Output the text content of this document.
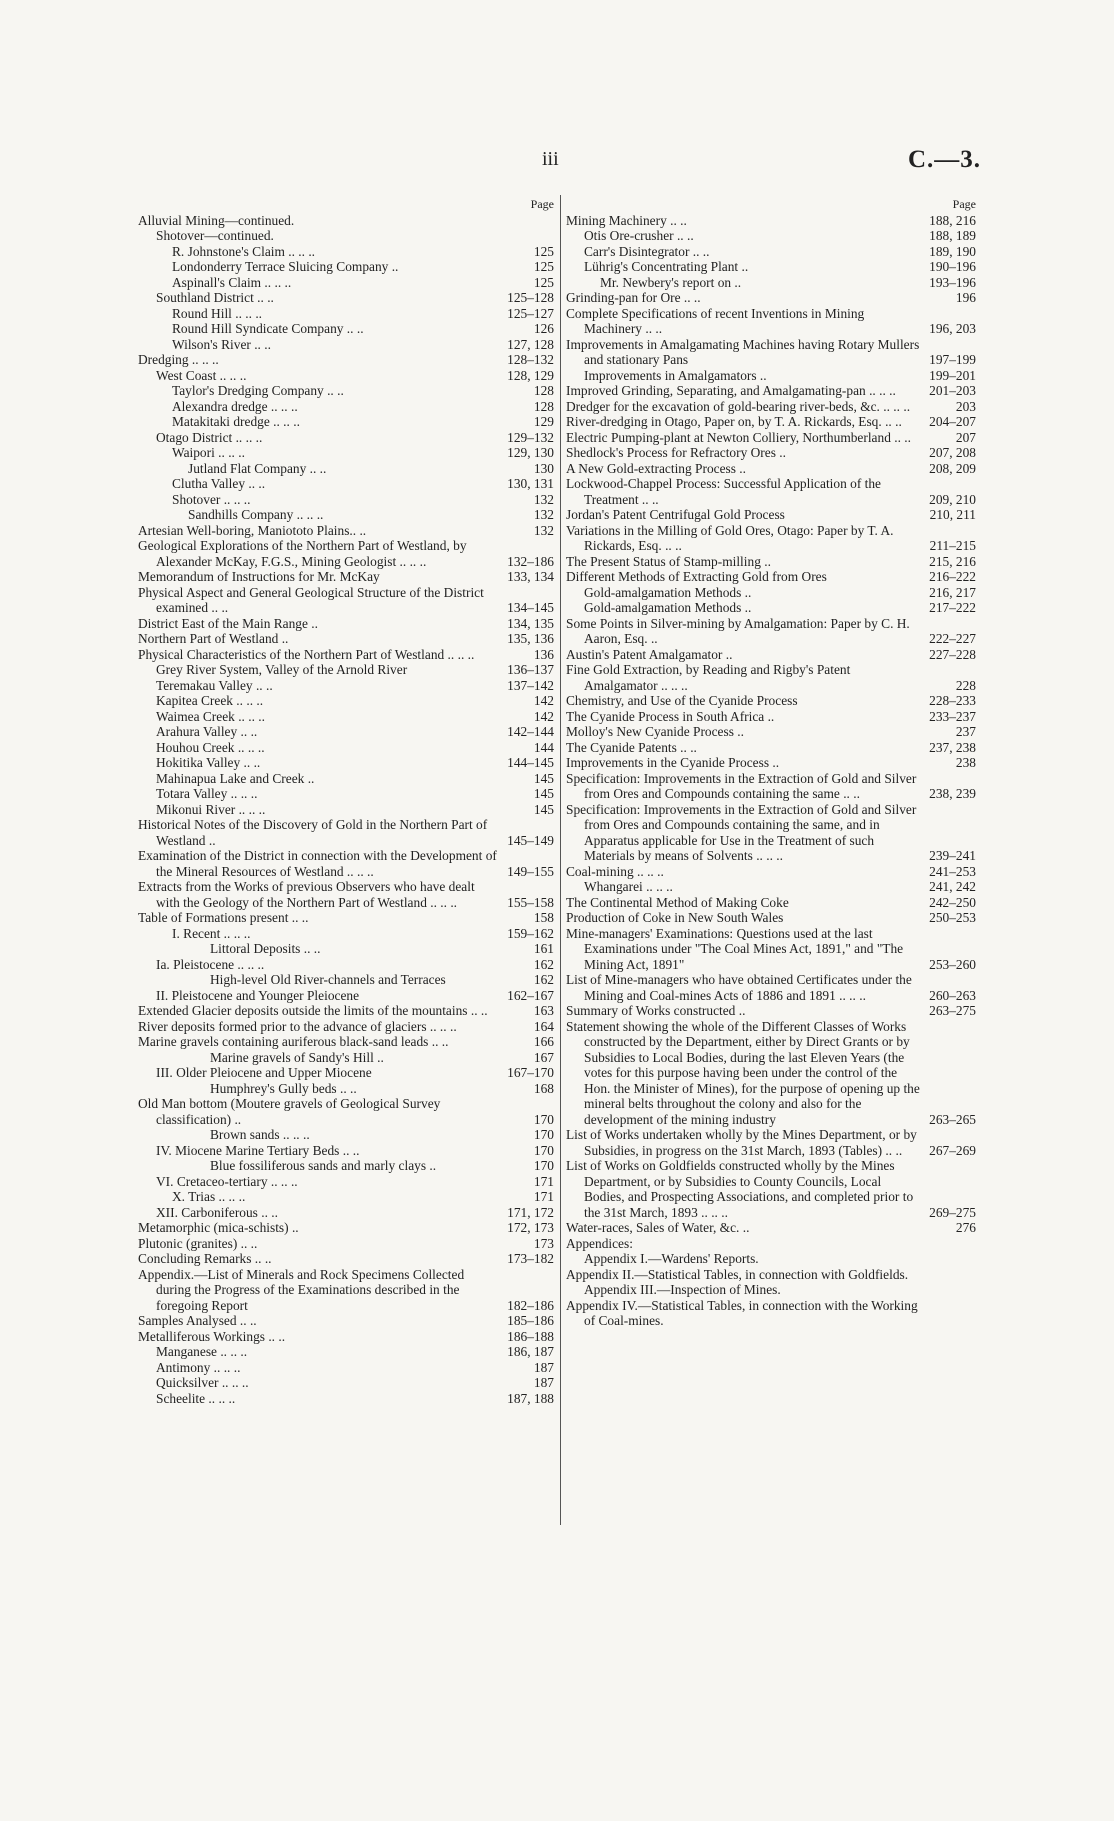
iii	C.—3.
Page
Alluvial Mining—continued.
Shotover—continued.
R. Johnstone's Claim .. .. ..	125
Londonderry Terrace Sluicing Company ..	125
Aspinall's Claim .. .. ..	125
Southland District .. ..	125–128
Round Hill .. .. ..	125–127
Round Hill Syndicate Company .. ..	126
Wilson's River .. ..	127, 128
Dredging .. .. ..	128–132
West Coast .. .. ..	128, 129
Taylor's Dredging Company .. ..	128
Alexandra dredge .. .. ..	128
Matakitaki dredge .. .. ..	129
Otago District .. .. ..	129–132
Waipori .. .. ..	129, 130
Jutland Flat Company .. ..	130
Clutha Valley .. ..	130, 131
Shotover .. .. ..	132
Sandhills Company .. .. ..	132
Artesian Well-boring, Maniototo Plains.. ..	132
Geological Explorations of the Northern Part of Westland, by Alexander McKay, F.G.S., Mining Geologist .. .. ..	132–186
Memorandum of Instructions for Mr. McKay	133, 134
Physical Aspect and General Geological Structure of the District examined .. ..	134–145
District East of the Main Range ..	134, 135
Northern Part of Westland ..	135, 136
Physical Characteristics of the Northern Part of Westland .. .. ..	136
Grey River System, Valley of the Arnold River	136–137
Teremakau Valley .. ..	137–142
Kapitea Creek .. .. ..	142
Waimea Creek .. .. ..	142
Arahura Valley .. ..	142–144
Houhou Creek .. .. ..	144
Hokitika Valley .. ..	144–145
Mahinapua Lake and Creek ..	145
Totara Valley .. .. ..	145
Mikonui River .. .. ..	145
Historical Notes of the Discovery of Gold in the Northern Part of Westland ..	145–149
Examination of the District in connection with the Development of the Mineral Resources of Westland .. .. ..	149–155
Extracts from the Works of previous Observers who have dealt with the Geology of the Northern Part of Westland .. .. ..	155–158
Table of Formations present .. ..	158
I. Recent .. .. ..	159–162
Littoral Deposits .. ..	161
Ia. Pleistocene .. .. ..	162
High-level Old River-channels and Terraces	162
II. Pleistocene and Younger Pleiocene	162–167
Extended Glacier deposits outside the limits of the mountains .. ..	163
River deposits formed prior to the advance of glaciers .. .. ..	164
Marine gravels containing auriferous black-sand leads .. ..	166
Marine gravels of Sandy's Hill ..	167
III. Older Pleiocene and Upper Miocene	167–170
Humphrey's Gully beds .. ..	168
Old Man bottom (Moutere gravels of Geological Survey classification) ..	170
Brown sands .. .. ..	170
IV. Miocene Marine Tertiary Beds .. ..	170
Blue fossiliferous sands and marly clays ..	170
VI. Cretaceo-tertiary .. .. ..	171
X. Trias .. .. ..	171
XII. Carboniferous .. ..	171, 172
Metamorphic (mica-schists) ..	172, 173
Plutonic (granites) .. ..	173
Concluding Remarks .. ..	173–182
Appendix.—List of Minerals and Rock Specimens Collected during the Progress of the Examinations described in the foregoing Report	182–186
Samples Analysed .. ..	185–186
Metalliferous Workings .. ..	186–188
Manganese .. .. ..	186, 187
Antimony .. .. ..	187
Quicksilver .. .. ..	187
Scheelite .. .. ..	187, 188
Page
Mining Machinery .. ..	188, 216
Otis Ore-crusher .. ..	188, 189
Carr's Disintegrator .. ..	189, 190
Lührig's Concentrating Plant ..	190–196
Mr. Newbery's report on ..	193–196
Grinding-pan for Ore .. ..	196
Complete Specifications of recent Inventions in Mining Machinery .. ..	196, 203
Improvements in Amalgamating Machines having Rotary Mullers and stationary Pans	197–199
Improvements in Amalgamators ..	199–201
Improved Grinding, Separating, and Amalgamating-pan .. .. ..	201–203
Dredger for the excavation of gold-bearing river-beds, &c. .. .. ..	203
River-dredging in Otago, Paper on, by T. A. Rickards, Esq. .. ..	204–207
Electric Pumping-plant at Newton Colliery, Northumberland .. ..	207
Shedlock's Process for Refractory Ores ..	207, 208
A New Gold-extracting Process ..	208, 209
Lockwood-Chappel Process: Successful Application of the Treatment .. ..	209, 210
Jordan's Patent Centrifugal Gold Process	210, 211
Variations in the Milling of Gold Ores, Otago: Paper by T. A. Rickards, Esq. .. ..	211–215
The Present Status of Stamp-milling ..	215, 216
Different Methods of Extracting Gold from Ores	216–222
Gold-amalgamation Methods ..	216, 217
Gold-amalgamation Methods ..	217–222
Some Points in Silver-mining by Amalgamation: Paper by C. H. Aaron, Esq. ..	222–227
Austin's Patent Amalgamator ..	227–228
Fine Gold Extraction, by Reading and Rigby's Patent Amalgamator .. .. ..	228
Chemistry, and Use of the Cyanide Process	228–233
The Cyanide Process in South Africa ..	233–237
Molloy's New Cyanide Process ..	237
The Cyanide Patents .. ..	237, 238
Improvements in the Cyanide Process ..	238
Specification: Improvements in the Extraction of Gold and Silver from Ores and Compounds containing the same .. ..	238, 239
Specification: Improvements in the Extraction of Gold and Silver from Ores and Compounds containing the same, and in Apparatus applicable for Use in the Treatment of such Materials by means of Solvents .. .. ..	239–241
Coal-mining .. .. ..	241–253
Whangarei .. .. ..	241, 242
The Continental Method of Making Coke	242–250
Production of Coke in New South Wales	250–253
Mine-managers' Examinations: Questions used at the last Examinations under "The Coal Mines Act, 1891," and "The Mining Act, 1891"	253–260
List of Mine-managers who have obtained Certificates under the Mining and Coal-mines Acts of 1886 and 1891 .. .. ..	260–263
Summary of Works constructed ..	263–275
Statement showing the whole of the Different Classes of Works constructed by the Department, either by Direct Grants or by Subsidies to Local Bodies, during the last Eleven Years (the votes for this purpose having been under the control of the Hon. the Minister of Mines), for the purpose of opening up the mineral belts throughout the colony and also for the development of the mining industry	263–265
List of Works undertaken wholly by the Mines Department, or by Subsidies, in progress on the 31st March, 1893 (Tables) .. ..	267–269
List of Works on Goldfields constructed wholly by the Mines Department, or by Subsidies to County Councils, Local Bodies, and Prospecting Associations, and completed prior to the 31st March, 1893 .. .. ..	269–275
Water-races, Sales of Water, &c. ..	276
Appendices:
Appendix I.—Wardens' Reports.
Appendix II.—Statistical Tables, in connection with Goldfields.
Appendix III.—Inspection of Mines.
Appendix IV.—Statistical Tables, in connection with the Working of Coal-mines.
